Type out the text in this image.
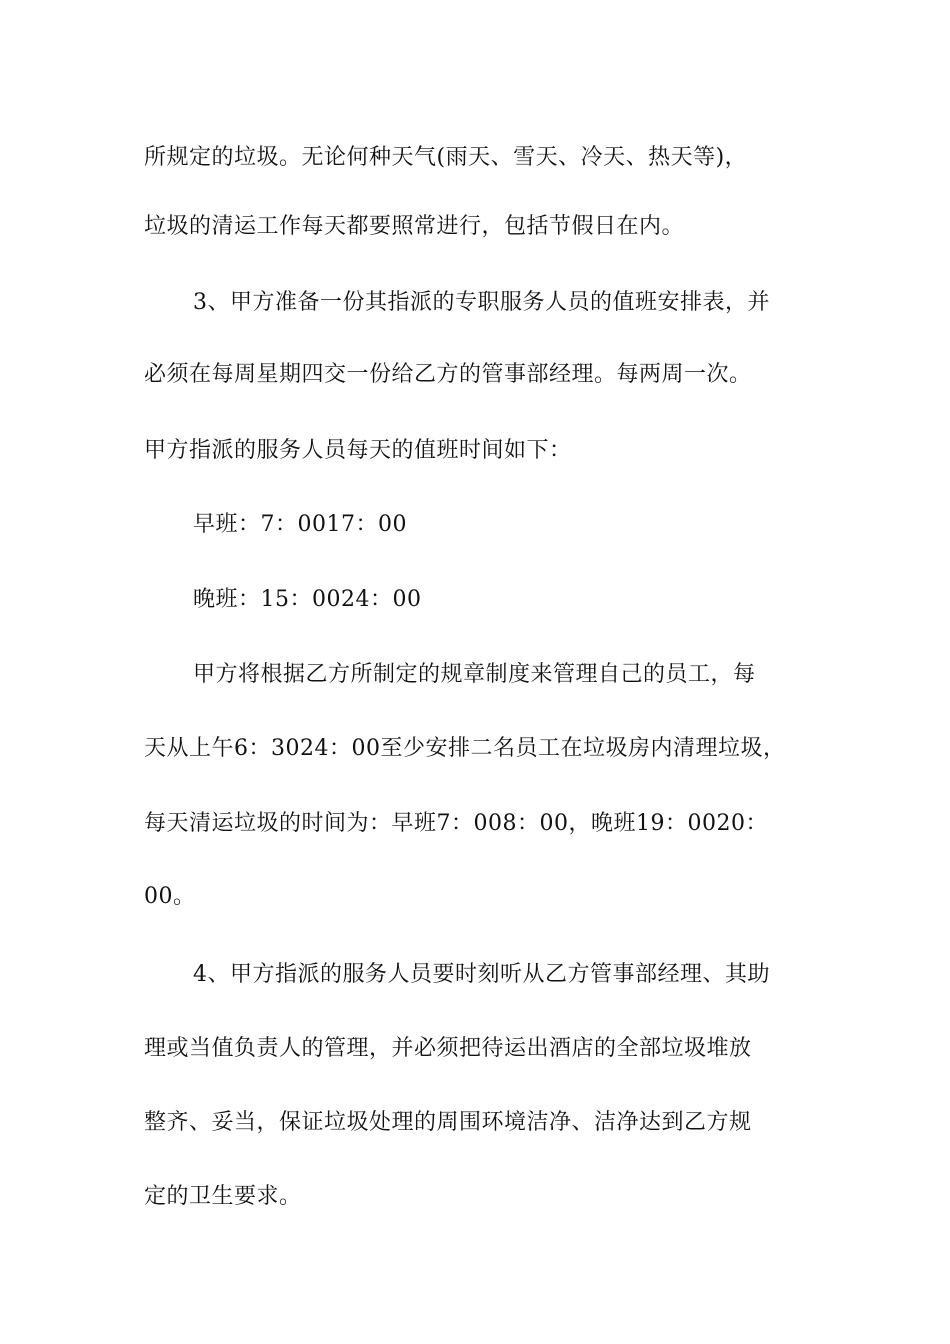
所规定的垃圾。无论何种天气(雨天、雪天、冷天、热天等)，
垃圾的清运工作每天都要照常进行，包括节假日在内。
3、甲方准备一份其指派的专职服务人员的值班安排表，并
必须在每周星期四交一份给乙方的管事部经理。每两周一次。
甲方指派的服务人员每天的值班时间如下：
早班：7：0017：00
晚班：15：0024：00
甲方将根据乙方所制定的规章制度来管理自己的员工，每
天从上午6：3024：00至少安排二名员工在垃圾房内清理垃圾，
每天清运垃圾的时间为：早班7：008：00，晚班19：0020：
00。
4、甲方指派的服务人员要时刻听从乙方管事部经理、其助
理或当值负责人的管理，并必须把待运出酒店的全部垃圾堆放
整齐、妥当，保证垃圾处理的周围环境洁净、洁净达到乙方规
定的卫生要求。
